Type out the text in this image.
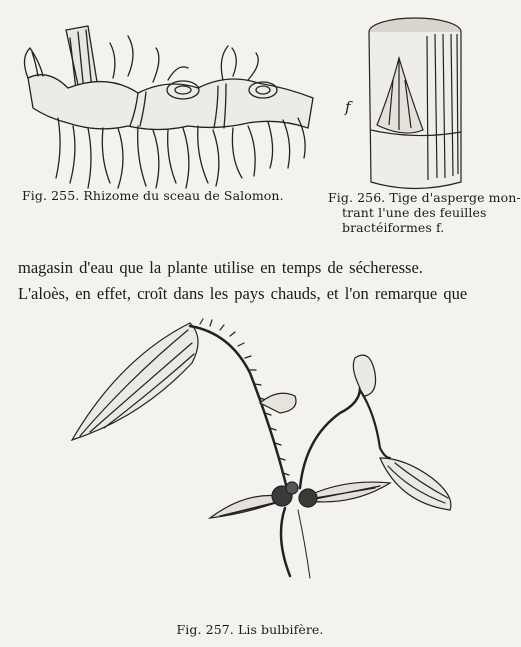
Fig. 255. Rhizome du sceau de Salomon.
f
Fig. 256. Tige d'asperge mon-
trant l'une des feuilles
bractéiformes f.
magasin d'eau que la plante utilise en temps de sécheresse.
L'aloès, en effet, croît dans les pays chauds, et l'on remarque que
Fig. 257. Lis bulbifère.
